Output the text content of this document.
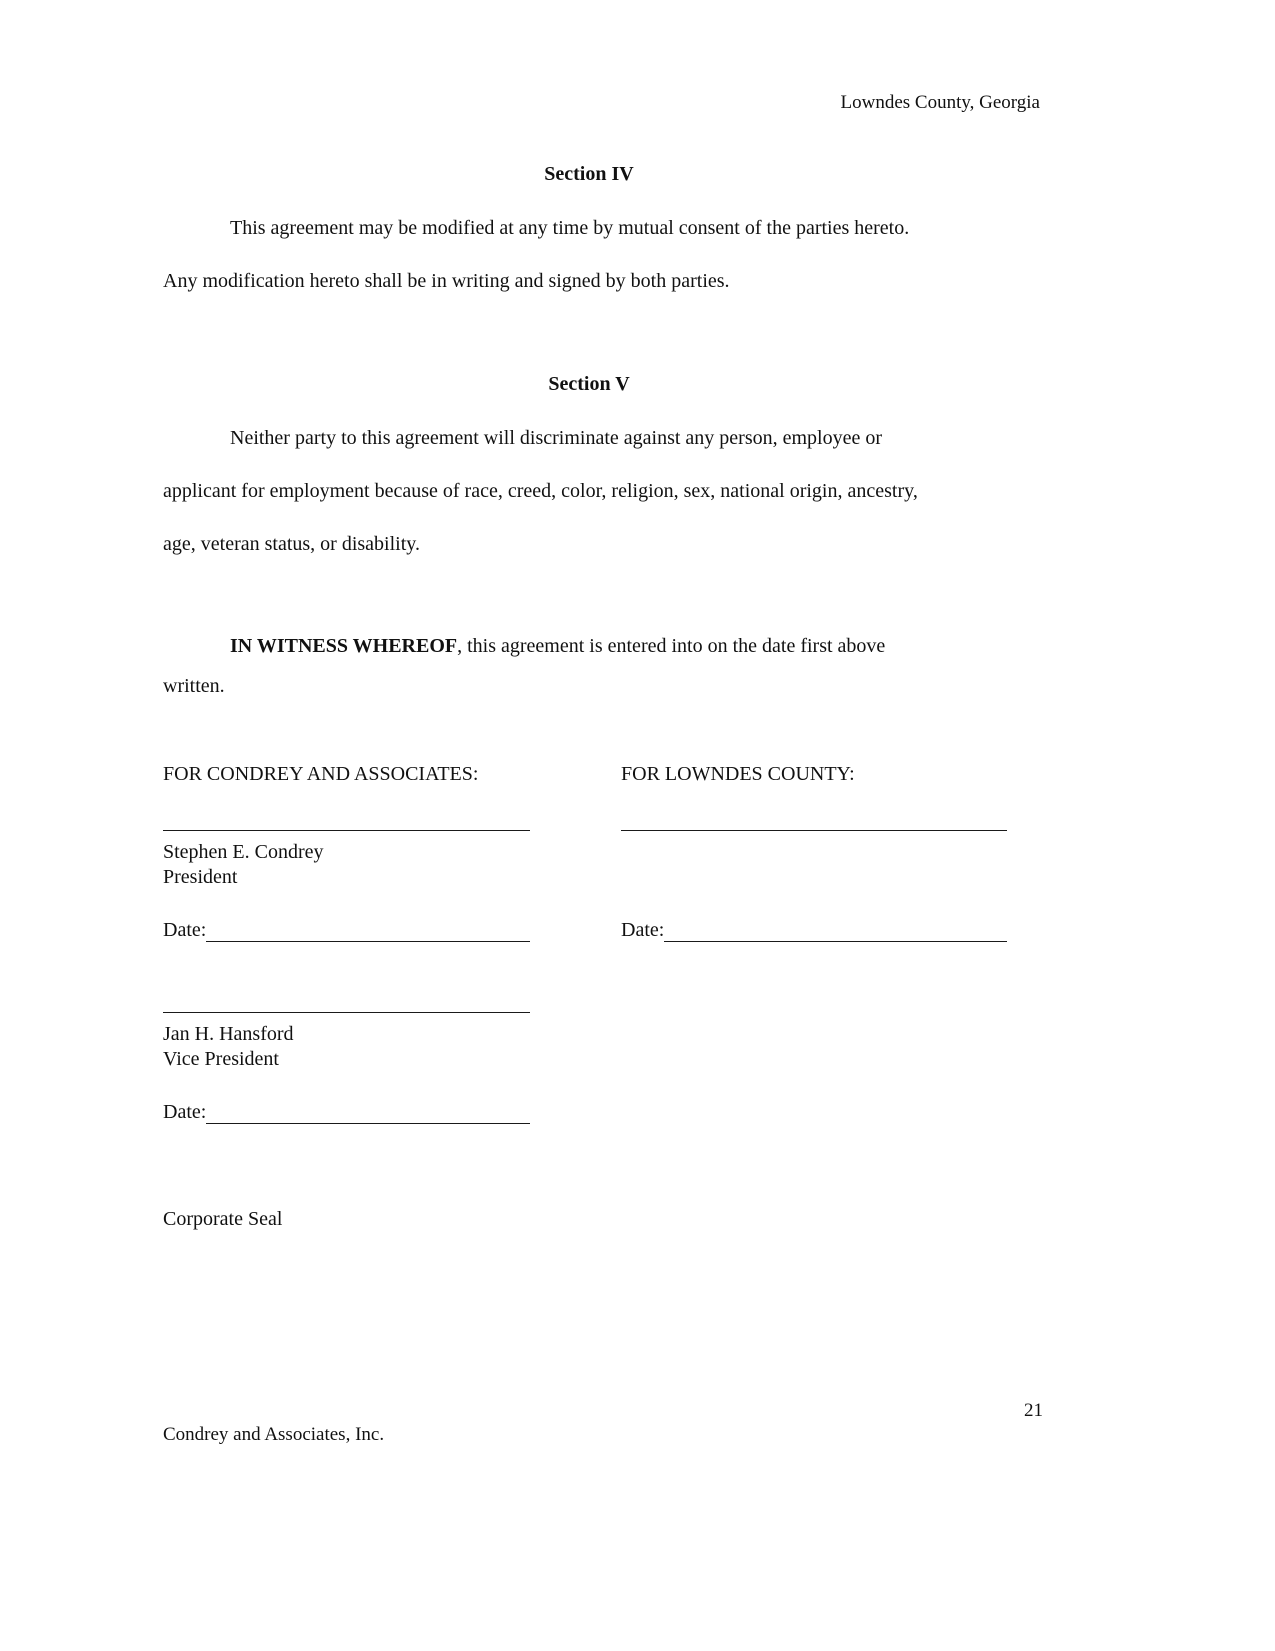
Lowndes County, Georgia
Section IV
This agreement may be modified at any time by mutual consent of the parties hereto.
Any modification hereto shall be in writing and signed by both parties.
Section V
Neither party to this agreement will discriminate against any person, employee or
applicant for employment because of race, creed, color, religion, sex, national origin, ancestry,
age, veteran status, or disability.
IN WITNESS WHEREOF, this agreement is entered into on the date first above
written.
FOR CONDREY AND ASSOCIATES:	FOR LOWNDES COUNTY:
Stephen E. Condrey
President
Date:	Date:
Jan H. Hansford
Vice President
Date:
Corporate Seal
21
Condrey and Associates, Inc.
